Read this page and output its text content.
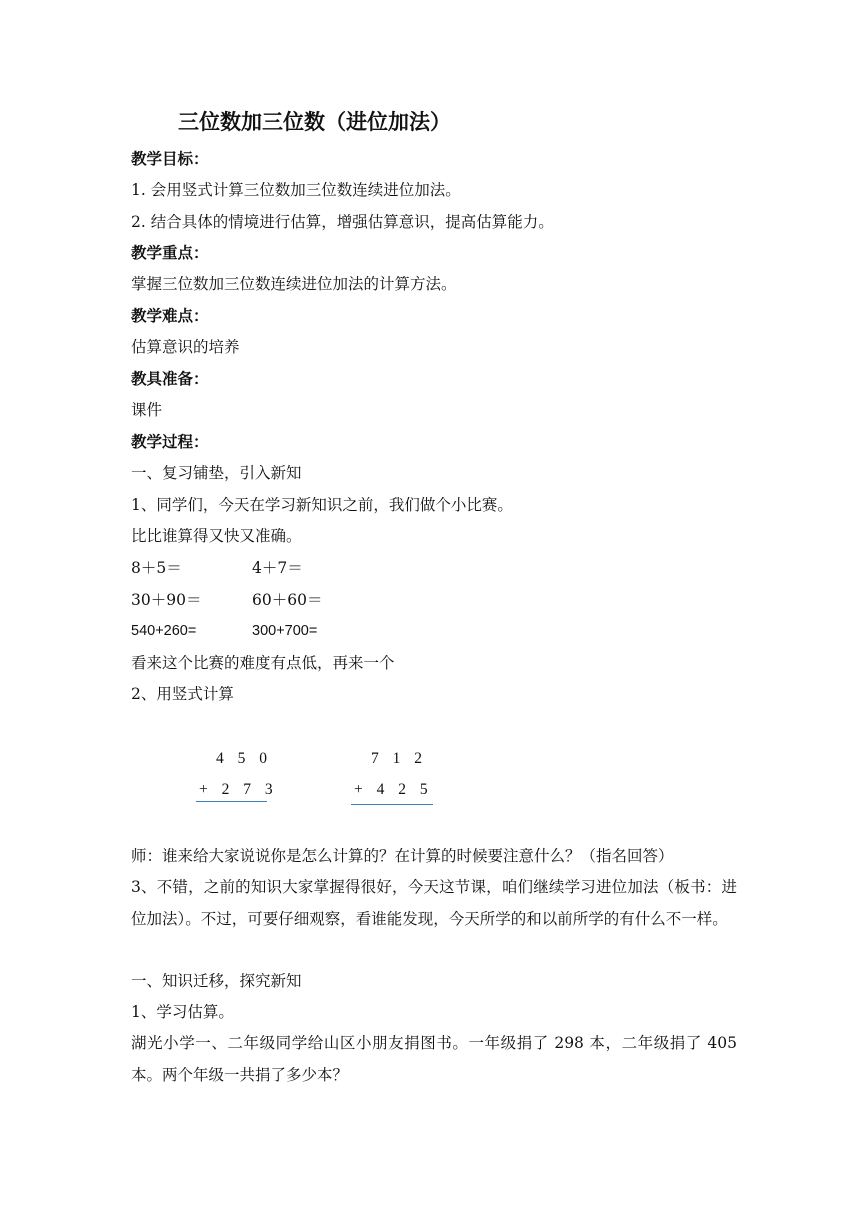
三位数加三位数（进位加法）
教学目标：
1. 会用竖式计算三位数加三位数连续进位加法。
2. 结合具体的情境进行估算，增强估算意识，提高估算能力。
教学重点：
掌握三位数加三位数连续进位加法的计算方法。
教学难点：
估算意识的培养
教具准备：
课件
教学过程：
一、复习铺垫，引入新知
1、同学们，今天在学习新知识之前，我们做个小比赛。
比比谁算得又快又准确。
8＋5＝	4＋7＝
30＋90＝	60＋60＝
540+260=	300+700=
看来这个比赛的难度有点低，再来一个
2、用竖式计算
4 5 0
+ 2 7 3
7 1 2
+ 4 2 5
师：谁来给大家说说你是怎么计算的？在计算的时候要注意什么？（指名回答）
3、不错，之前的知识大家掌握得很好，今天这节课，咱们继续学习进位加法（板书：进位加法）。不过，可要仔细观察，看谁能发现，今天所学的和以前所学的有什么不一样。
一、知识迁移，探究新知
1、学习估算。
湖光小学一、二年级同学给山区小朋友捐图书。一年级捐了 298 本，二年级捐了 405 本。两个年级一共捐了多少本？
